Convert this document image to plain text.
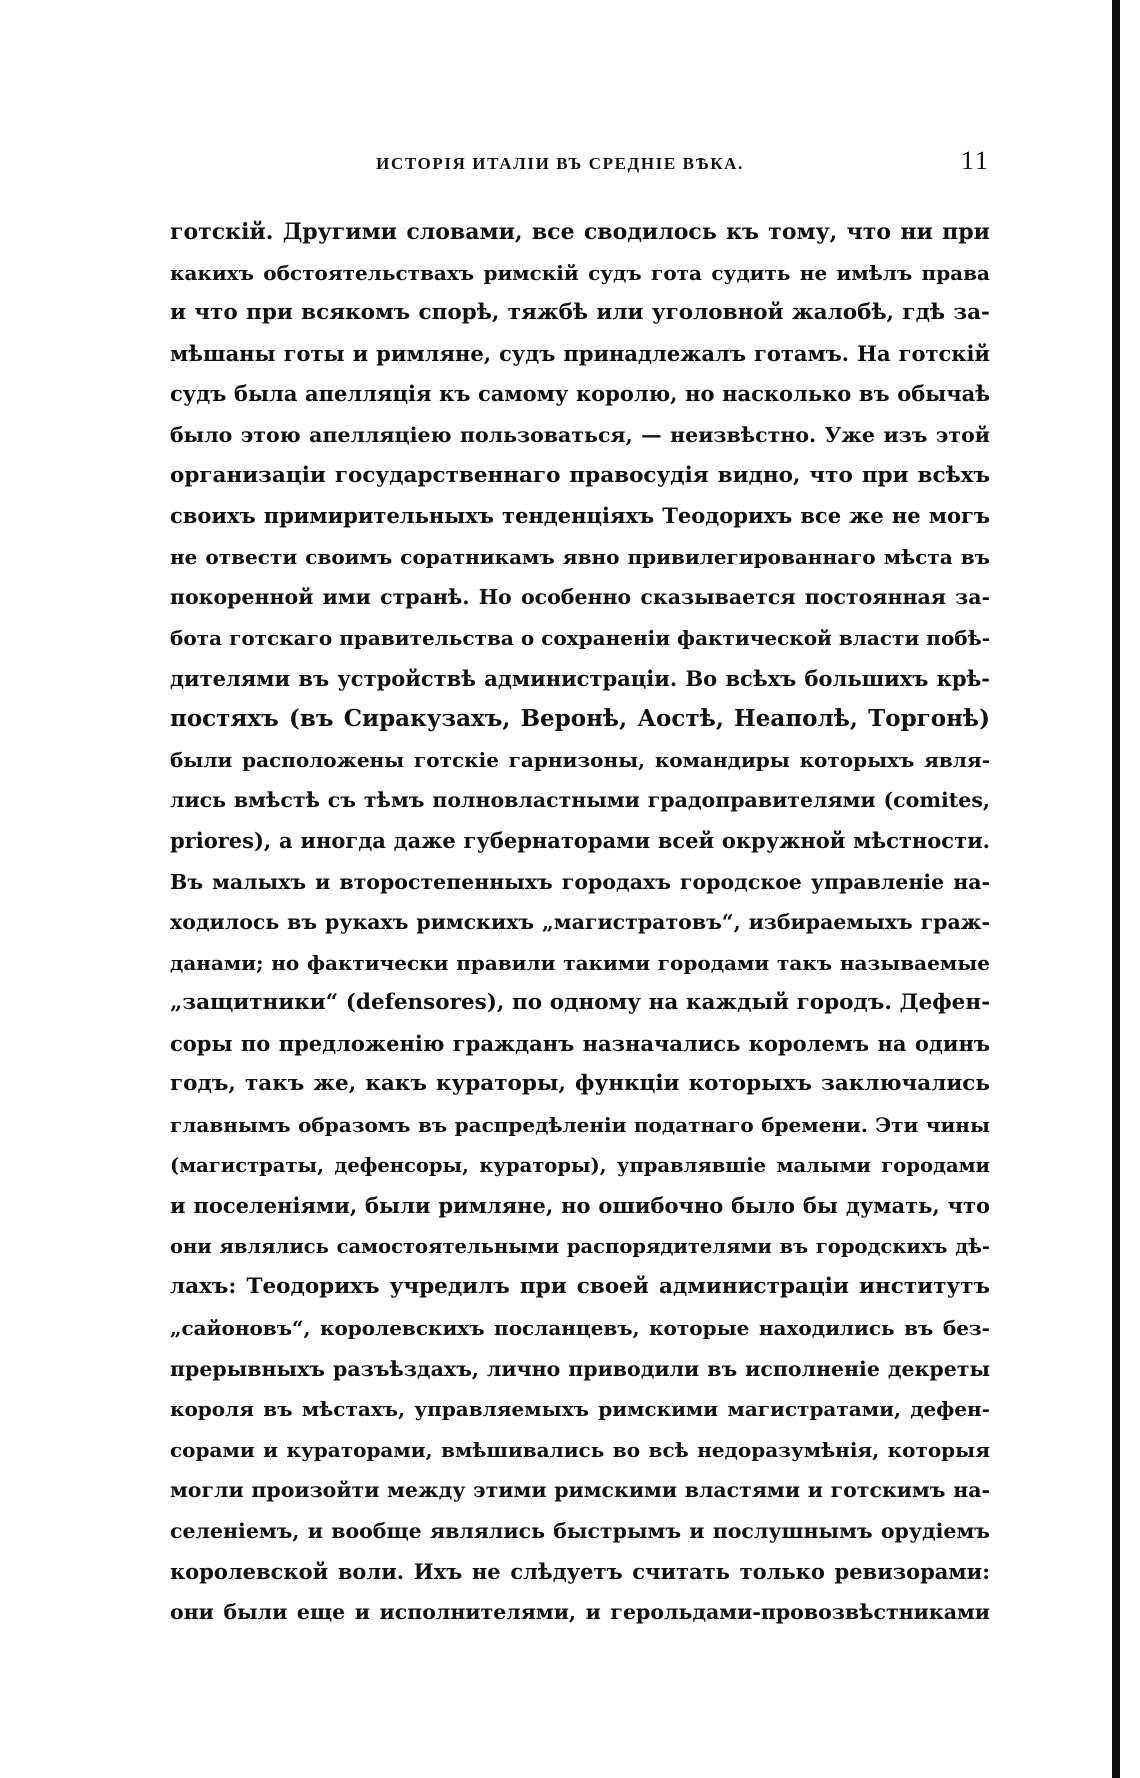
ИСТОРІЯ ИТАЛІИ ВЪ СРЕДНІЕ ВѢКА.	11
готскій. Другими словами, все сводилось къ тому, что ни при
какихъ обстоятельствахъ римскій судъ гота судить не имѣлъ права
и что при всякомъ спорѣ, тяжбѣ или уголовной жалобѣ, гдѣ за-
мѣшаны готы и римляне, судъ принадлежалъ готамъ. На готскій
судъ была апелляція къ самому королю, но насколько въ обычаѣ
было этою апелляціею пользоваться, — неизвѣстно. Уже изъ этой
организаціи государственнаго правосудія видно, что при всѣхъ
своихъ примирительныхъ тенденціяхъ Теодорихъ все же не могъ
не отвести своимъ соратникамъ явно привилегированнаго мѣста въ
покоренной ими странѣ. Но особенно сказывается постоянная за-
бота готскаго правительства о сохраненіи фактической власти побѣ-
дителями въ устройствѣ администраціи. Во всѣхъ большихъ крѣ-
постяхъ (въ Сиракузахъ, Веронѣ, Аостѣ, Неаполѣ, Торгонѣ)
были расположены готскіе гарнизоны, командиры которыхъ явля-
лись вмѣстѣ съ тѣмъ полновластными градоправителями (comites,
priores), а иногда даже губернаторами всей окружной мѣстности.
Въ малыхъ и второстепенныхъ городахъ городское управленіе на-
ходилось въ рукахъ римскихъ „магистратовъ“, избираемыхъ граж-
данами; но фактически правили такими городами такъ называемые
„защитники“ (defensores), по одному на каждый городъ. Дефен-
соры по предложенію гражданъ назначались королемъ на одинъ
годъ, такъ же, какъ кураторы, функціи которыхъ заключались
главнымъ образомъ въ распредѣленіи податнаго бремени. Эти чины
(магистраты, дефенсоры, кураторы), управлявшіе малыми городами
и поселеніями, были римляне, но ошибочно было бы думать, что
они являлись самостоятельными распорядителями въ городскихъ дѣ-
лахъ: Теодорихъ учредилъ при своей администраціи институтъ
„сайоновъ“, королевскихъ посланцевъ, которые находились въ без-
прерывныхъ разъѣздахъ, лично приводили въ исполненіе декреты
короля въ мѣстахъ, управляемыхъ римскими магистратами, дефен-
сорами и кураторами, вмѣшивались во всѣ недоразумѣнія, которыя
могли произойти между этими римскими властями и готскимъ на-
селеніемъ, и вообще являлись быстрымъ и послушнымъ орудіемъ
королевской воли. Ихъ не слѣдуетъ считать только ревизорами:
они были еще и исполнителями, и герольдами-провозвѣстниками
